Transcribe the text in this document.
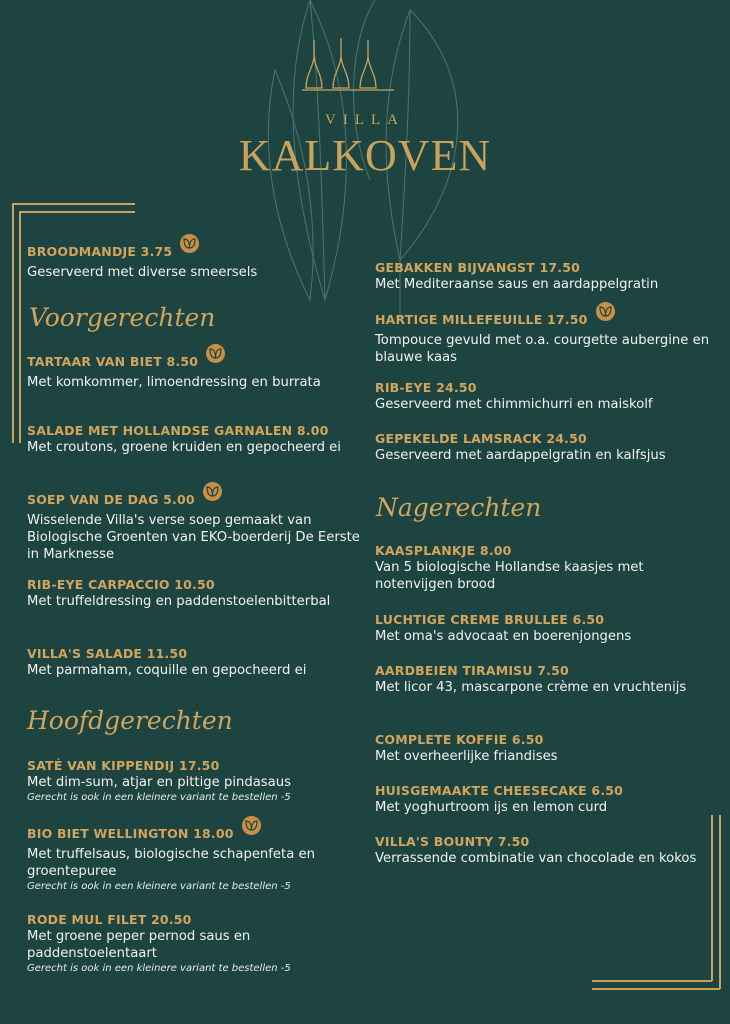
VILLA
KALKOVEN
Voorgerechten
Hoofdgerechten
Nagerechten
BROODMANDJE 3.75
Geserveerd met diverse smeersels
TARTAAR VAN BIET 8.50
Met komkommer, limoendressing en burrata
SALADE MET HOLLANDSE GARNALEN 8.00
Met croutons, groene kruiden en gepocheerd ei
SOEP VAN DE DAG 5.00
Wisselende Villa's verse soep gemaakt van Biologische Groenten van EKO-boerderij De Eerste in Marknesse
RIB-EYE CARPACCIO 10.50
Met truffeldressing en paddenstoelenbitterbal
VILLA'S SALADE 11.50
Met parmaham, coquille en gepocheerd ei
SATÉ VAN KIPPENDIJ 17.50
Met dim-sum, atjar en pittige pindasaus
Gerecht is ook in een kleinere variant te bestellen -5
BIO BIET WELLINGTON 18.00
Met truffelsaus, biologische schapenfeta en groentepuree
Gerecht is ook in een kleinere variant te bestellen -5
RODE MUL FILET 20.50
Met groene peper pernod saus en paddenstoelentaart
Gerecht is ook in een kleinere variant te bestellen -5
GEBAKKEN BIJVANGST 17.50
Met Mediteraanse saus en aardappelgratin
HARTIGE MILLEFEUILLE 17.50
Tompouce gevuld met o.a. courgette aubergine en blauwe kaas
RIB-EYE 24.50
Geserveerd met chimmichurri en maiskolf
GEPEKELDE LAMSRACK 24.50
Geserveerd met aardappelgratin en kalfsjus
KAASPLANKJE 8.00
Van 5 biologische Hollandse kaasjes met notenvijgen brood
LUCHTIGE CREME BRULLEE 6.50
Met oma's advocaat en boerenjongens
AARDBEIEN TIRAMISU 7.50
Met licor 43, mascarpone crème en vruchtenijs
COMPLETE KOFFIE 6.50
Met overheerlijke friandises
HUISGEMAAKTE CHEESECAKE 6.50
Met yoghurtroom ijs en lemon curd
VILLA'S BOUNTY 7.50
Verrassende combinatie van chocolade en kokos
